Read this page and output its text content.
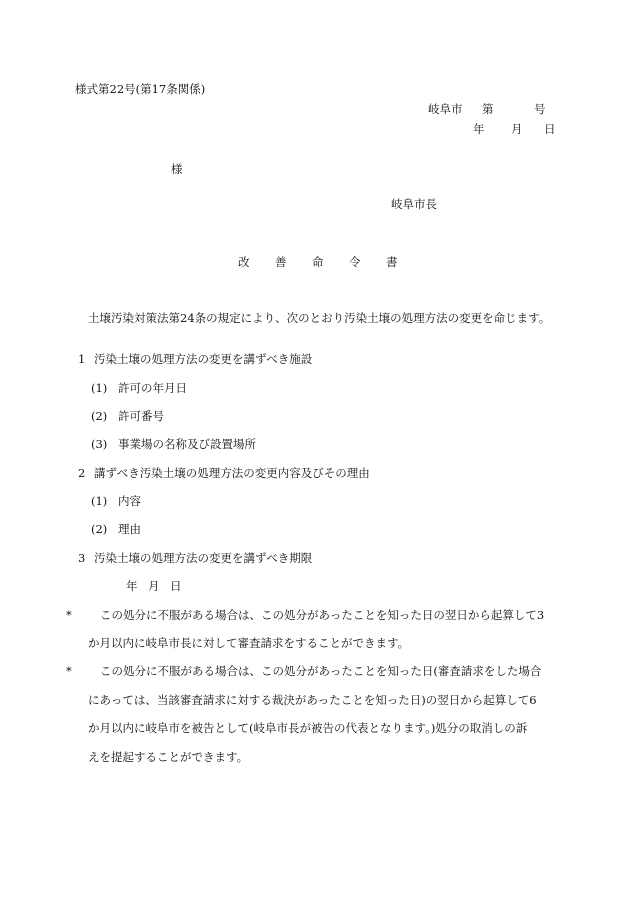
様式第22号(第17条関係)
岐阜市 第	号
年 月 日
様
岐阜市長
改 善 命 令 書
土壌汚染対策法第24条の規定により、次のとおり汚染土壌の処理方法の変更を命じます。
1 汚染土壌の処理方法の変更を講ずべき施設
(1) 許可の年月日
(2) 許可番号
(3) 事業場の名称及び設置場所
2 講ずべき汚染土壌の処理方法の変更内容及びその理由
(1) 内容
(2) 理由
3 汚染土壌の処理方法の変更を講ずべき期限
年 月 日
* この処分に不服がある場合は、この処分があったことを知った日の翌日から起算して3
か月以内に岐阜市長に対して審査請求をすることができます。
* この処分に不服がある場合は、この処分があったことを知った日(審査請求をした場合
にあっては、当該審査請求に対する裁決があったことを知った日)の翌日から起算して6
か月以内に岐阜市を被告として(岐阜市長が被告の代表となります。)処分の取消しの訴
えを提起することができます。
